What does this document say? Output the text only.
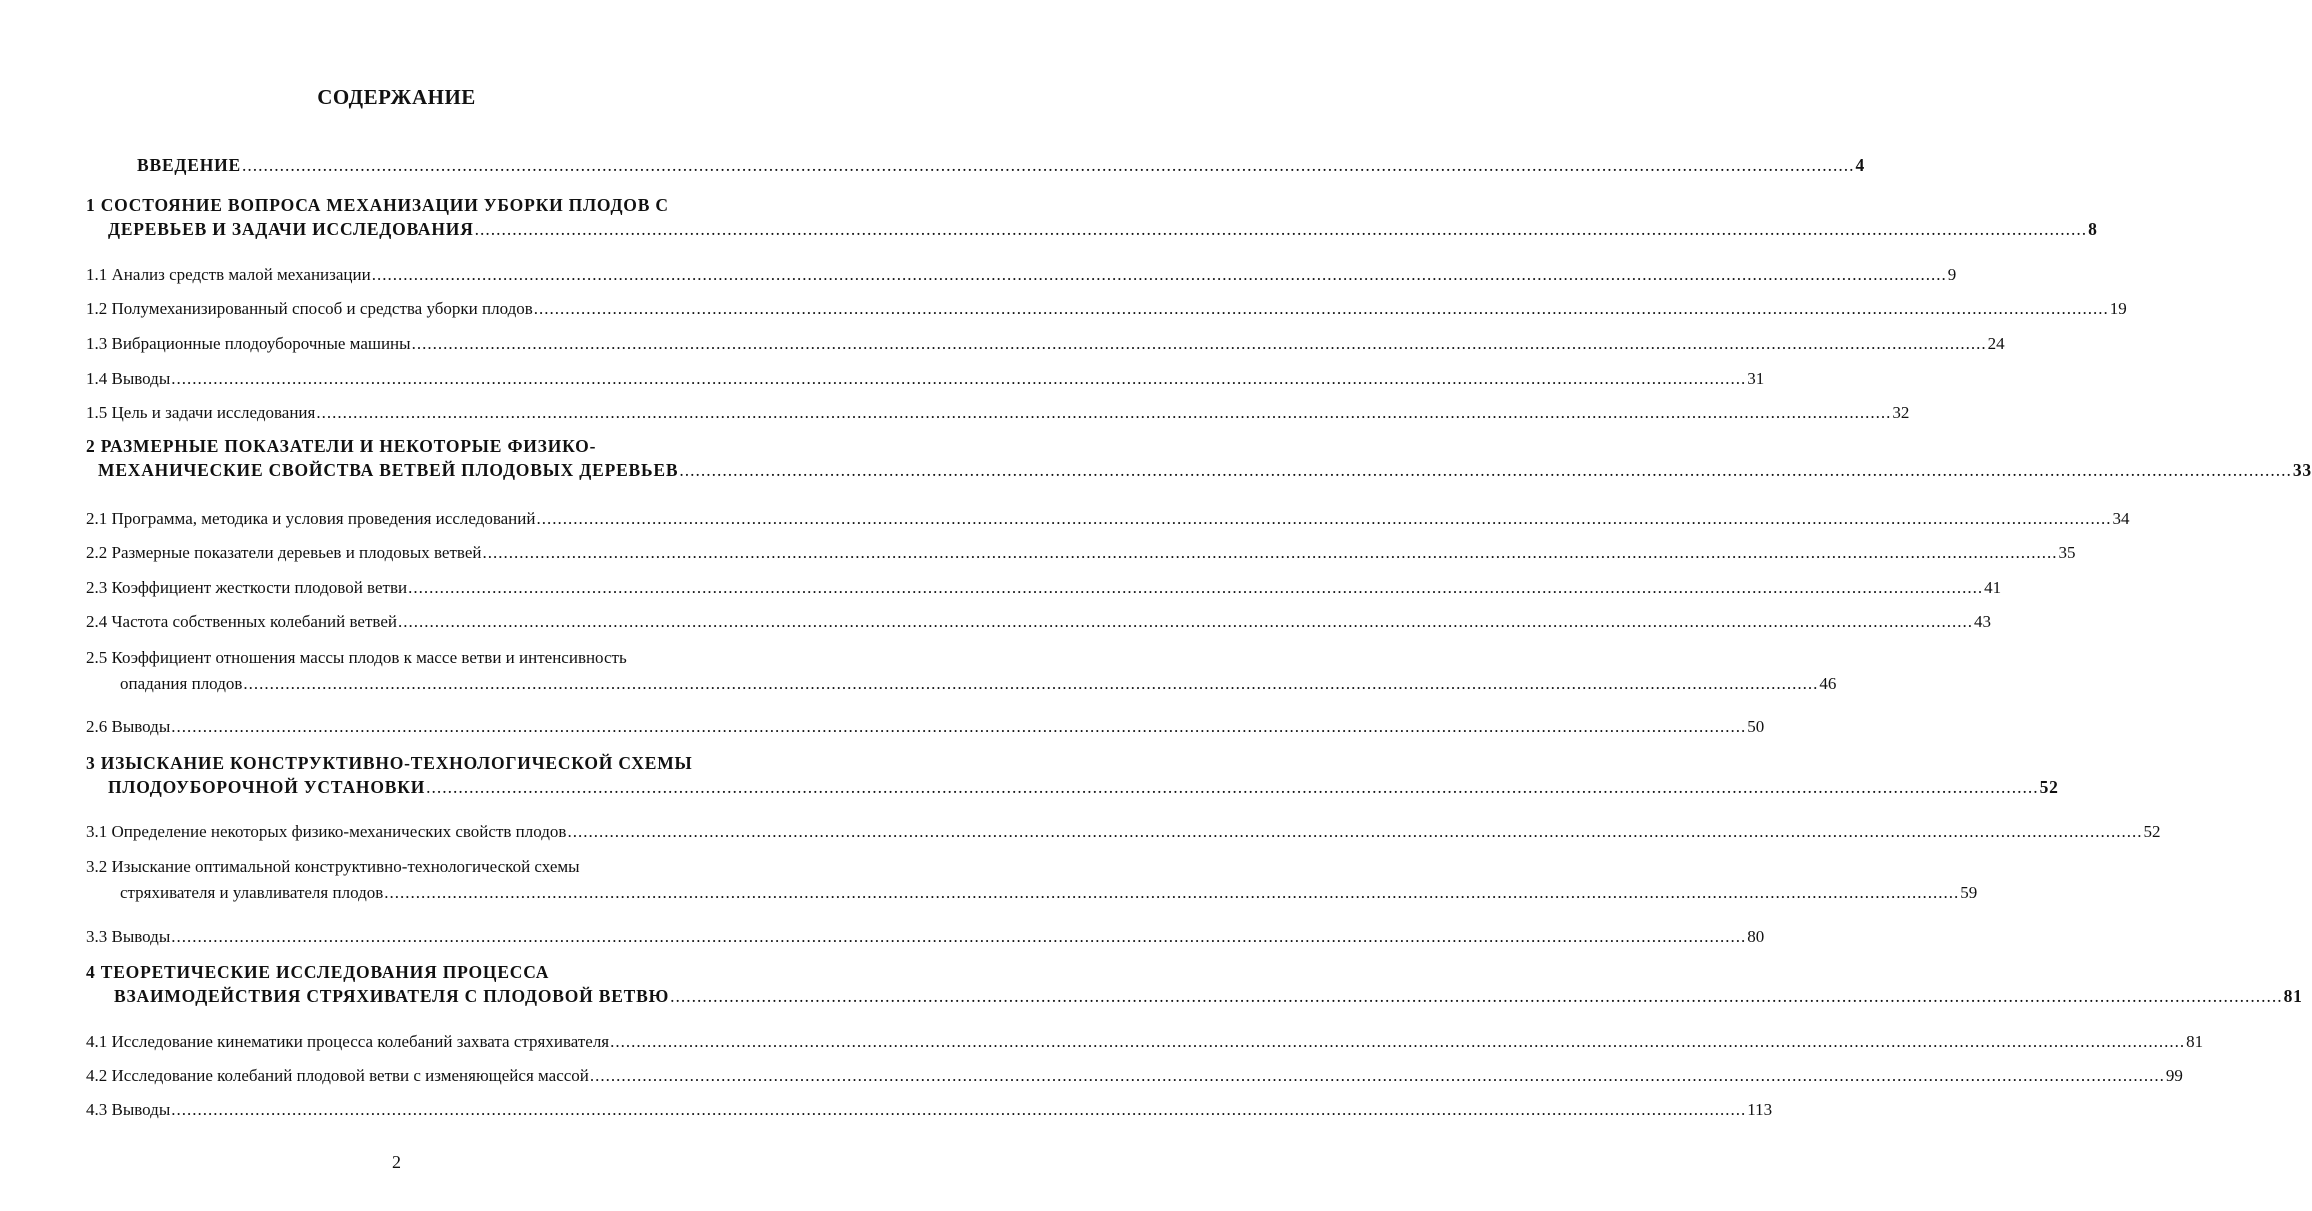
СОДЕРЖАНИЕ
ВВЕДЕНИЕ ............................................................................................................................................................................................................................................................................................................ 4
1 СОСТОЯНИЕ ВОПРОСА МЕХАНИЗАЦИИ УБОРКИ ПЛОДОВ С
ДЕРЕВЬЕВ И ЗАДАЧИ ИССЛЕДОВАНИЯ ............................................................................................................................................................................................................................................................................................................ 8
1.1 Анализ средств малой механизации ............................................................................................................................................................................................................................................................................................................ 9
1.2 Полумеханизированный способ и средства уборки плодов ............................................................................................................................................................................................................................................................................................................ 19
1.3 Вибрационные плодоуборочные машины ............................................................................................................................................................................................................................................................................................................ 24
1.4 Выводы ............................................................................................................................................................................................................................................................................................................ 31
1.5 Цель и задачи исследования ............................................................................................................................................................................................................................................................................................................ 32
2 РАЗМЕРНЫЕ ПОКАЗАТЕЛИ И НЕКОТОРЫЕ ФИЗИКО-
МЕХАНИЧЕСКИЕ СВОЙСТВА ВЕТВЕЙ ПЛОДОВЫХ ДЕРЕВЬЕВ ............................................................................................................................................................................................................................................................................................................ 33
2.1 Программа, методика и условия проведения исследований ............................................................................................................................................................................................................................................................................................................ 34
2.2 Размерные показатели деревьев и плодовых ветвей ............................................................................................................................................................................................................................................................................................................ 35
2.3 Коэффициент жесткости плодовой ветви ............................................................................................................................................................................................................................................................................................................ 41
2.4 Частота собственных колебаний ветвей ............................................................................................................................................................................................................................................................................................................ 43
2.5 Коэффициент отношения массы плодов к массе ветви и интенсивность
опадания плодов ............................................................................................................................................................................................................................................................................................................ 46
2.6 Выводы ............................................................................................................................................................................................................................................................................................................ 50
3 ИЗЫСКАНИЕ КОНСТРУКТИВНО-ТЕХНОЛОГИЧЕСКОЙ СХЕМЫ
ПЛОДОУБОРОЧНОЙ УСТАНОВКИ ............................................................................................................................................................................................................................................................................................................ 52
3.1 Определение некоторых физико-механических свойств плодов ............................................................................................................................................................................................................................................................................................................ 52
3.2 Изыскание оптимальной конструктивно-технологической схемы
стряхивателя и улавливателя плодов ............................................................................................................................................................................................................................................................................................................ 59
3.3 Выводы ............................................................................................................................................................................................................................................................................................................ 80
4 ТЕОРЕТИЧЕСКИЕ ИССЛЕДОВАНИЯ ПРОЦЕССА
ВЗАИМОДЕЙСТВИЯ СТРЯХИВАТЕЛЯ С ПЛОДОВОЙ ВЕТВЮ ............................................................................................................................................................................................................................................................................................................ 81
4.1 Исследование кинематики процесса колебаний захвата стряхивателя ............................................................................................................................................................................................................................................................................................................ 81
4.2 Исследование колебаний плодовой ветви с изменяющейся массой ............................................................................................................................................................................................................................................................................................................ 99
4.3 Выводы ............................................................................................................................................................................................................................................................................................................ 113
2
